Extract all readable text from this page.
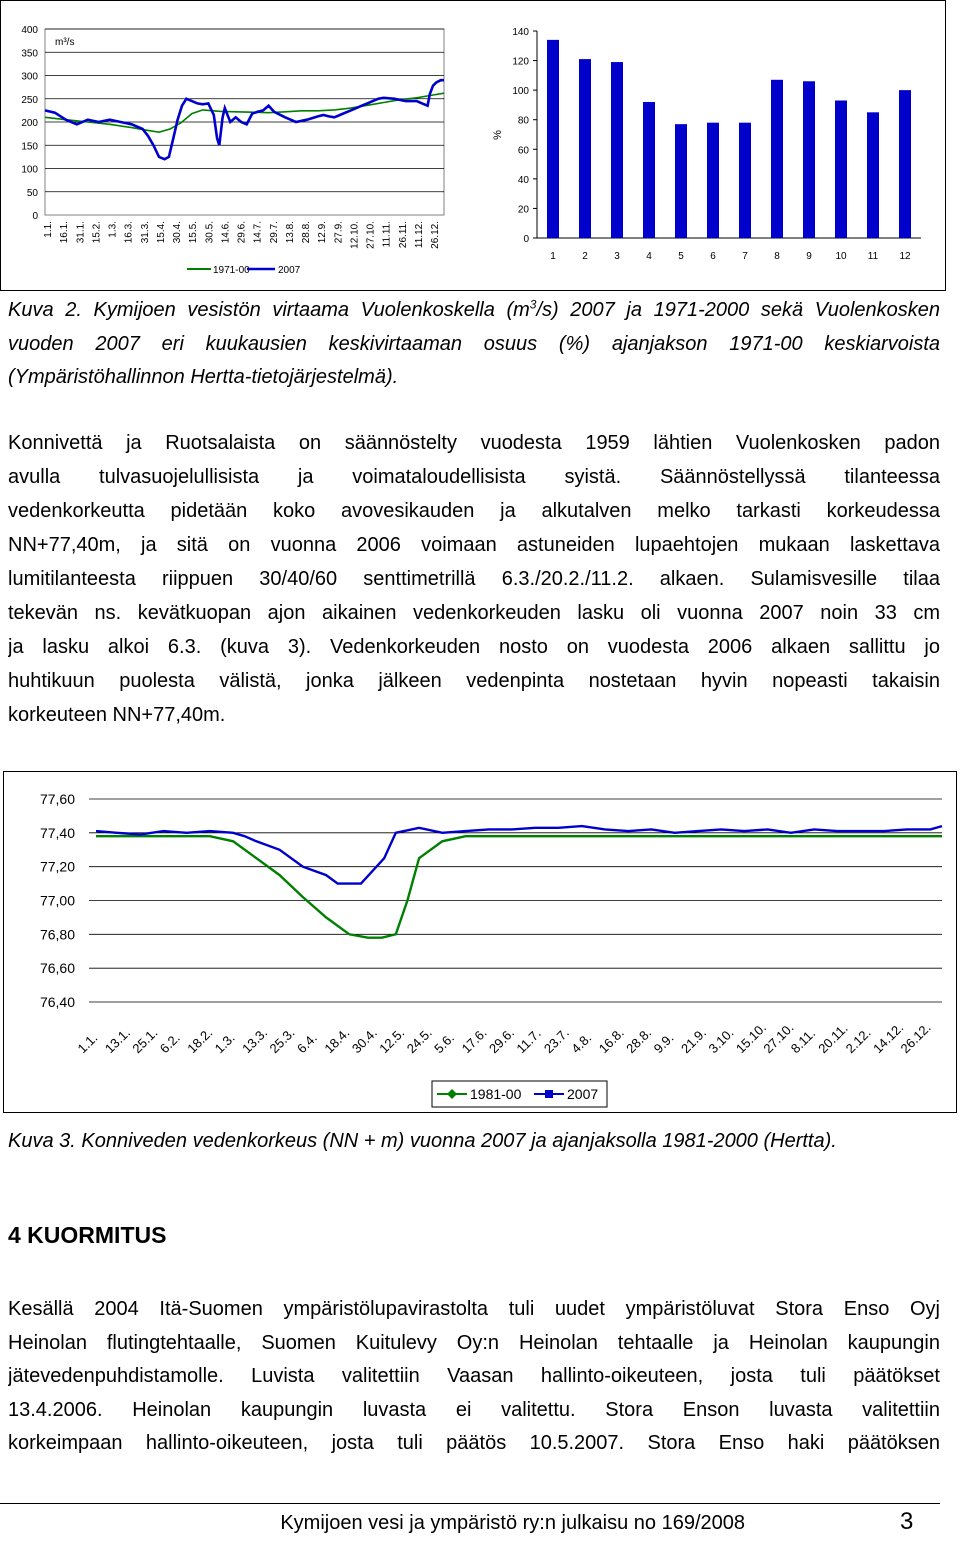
0
50
100
150
200
250
300
350
400
m³/s
1.1. 16.1. 31.1. 15.2. 1.3. 16.3. 31.3. 15.4. 30.4. 15.5. 30.5. 14.6. 29.6. 14.7. 29.7. 13.8. 28.8. 12.9. 27.9. 12.10. 27.10. 11.11. 26.11. 11.12. 26.12.
1971-00	2007
0
20
40
60
80
100
120
140
%
1	2	3	4	5	6	7	8	9 10 11 12
Kuva 2. Kymijoen vesistön virtaama Vuolenkoskella $(m^3/s)$ 2007 ja 1971-2000 sekä Vuolenkosken
vuoden 2007 eri kuukausien keskivirtaaman osuus (%) ajanjakson 1971-00 keskiarvoista
(Ympäristöhallinnon Hertta-tietojärjestelmä).
Konnivettä ja Ruotsalaista on säännöstelty vuodesta 1959 lähtien Vuolenkosken padon
avulla tulvasuojelullisista ja voimataloudellisista syistä. Säännöstellyssä tilanteessa
vedenkorkeutta pidetään koko avovesikauden ja alkutalven melko tarkasti korkeudessa
NN+77,40m, ja sitä on vuonna 2006 voimaan astuneiden lupaehtojen mukaan laskettava
lumitilanteesta riippuen 30/40/60 senttimetrillä 6.3./20.2./11.2. alkaen. Sulamisvesille tilaa
tekevän ns. kevätkuopan ajon aikainen vedenkorkeuden lasku oli vuonna 2007 noin 33 cm
ja lasku alkoi 6.3. (kuva 3). Vedenkorkeuden nosto on vuodesta 2006 alkaen sallittu jo
huhtikuun puolesta välistä, jonka jälkeen vedenpinta nostetaan hyvin nopeasti takaisin
korkeuteen NN+77,40m.
77,60
77,40
77,20
77,00
76,80
76,60
76,40
1.1. 13.1.
25.1.
6.2. 18.2.
1.3. 13.3.
25.3.
6.4. 18.4.
30.4.
12.5.
24.5.
5.6. 17.6.
29.6.
11.7.
23.7.
4.8. 16.8.
28.8.
9.9. 21.9.
3.10.
15.10.
27.10.
8.11.
20.11.
2.12.
14.12.
26.12.
1981-00	2007
Kuva 3. Konniveden vedenkorkeus (NN + m) vuonna 2007 ja ajanjaksolla 1981-2000 (Hertta).
4 KUORMITUS
Kesällä 2004 Itä-Suomen ympäristölupavirastolta tuli uudet ympäristöluvat Stora Enso Oyj
Heinolan flutingtehtaalle, Suomen Kuitulevy Oy:n Heinolan tehtaalle ja Heinolan kaupungin
jätevedenpuhdistamolle. Luvista valitettiin Vaasan hallinto-oikeuteen, josta tuli päätökset
13.4.2006. Heinolan kaupungin luvasta ei valitettu. Stora Enson luvasta valitettiin
korkeimpaan hallinto-oikeuteen, josta tuli päätös 10.5.2007. Stora Enso haki päätöksen
Kymijoen vesi ja ympäristö ry:n julkaisu no 169/2008	3
